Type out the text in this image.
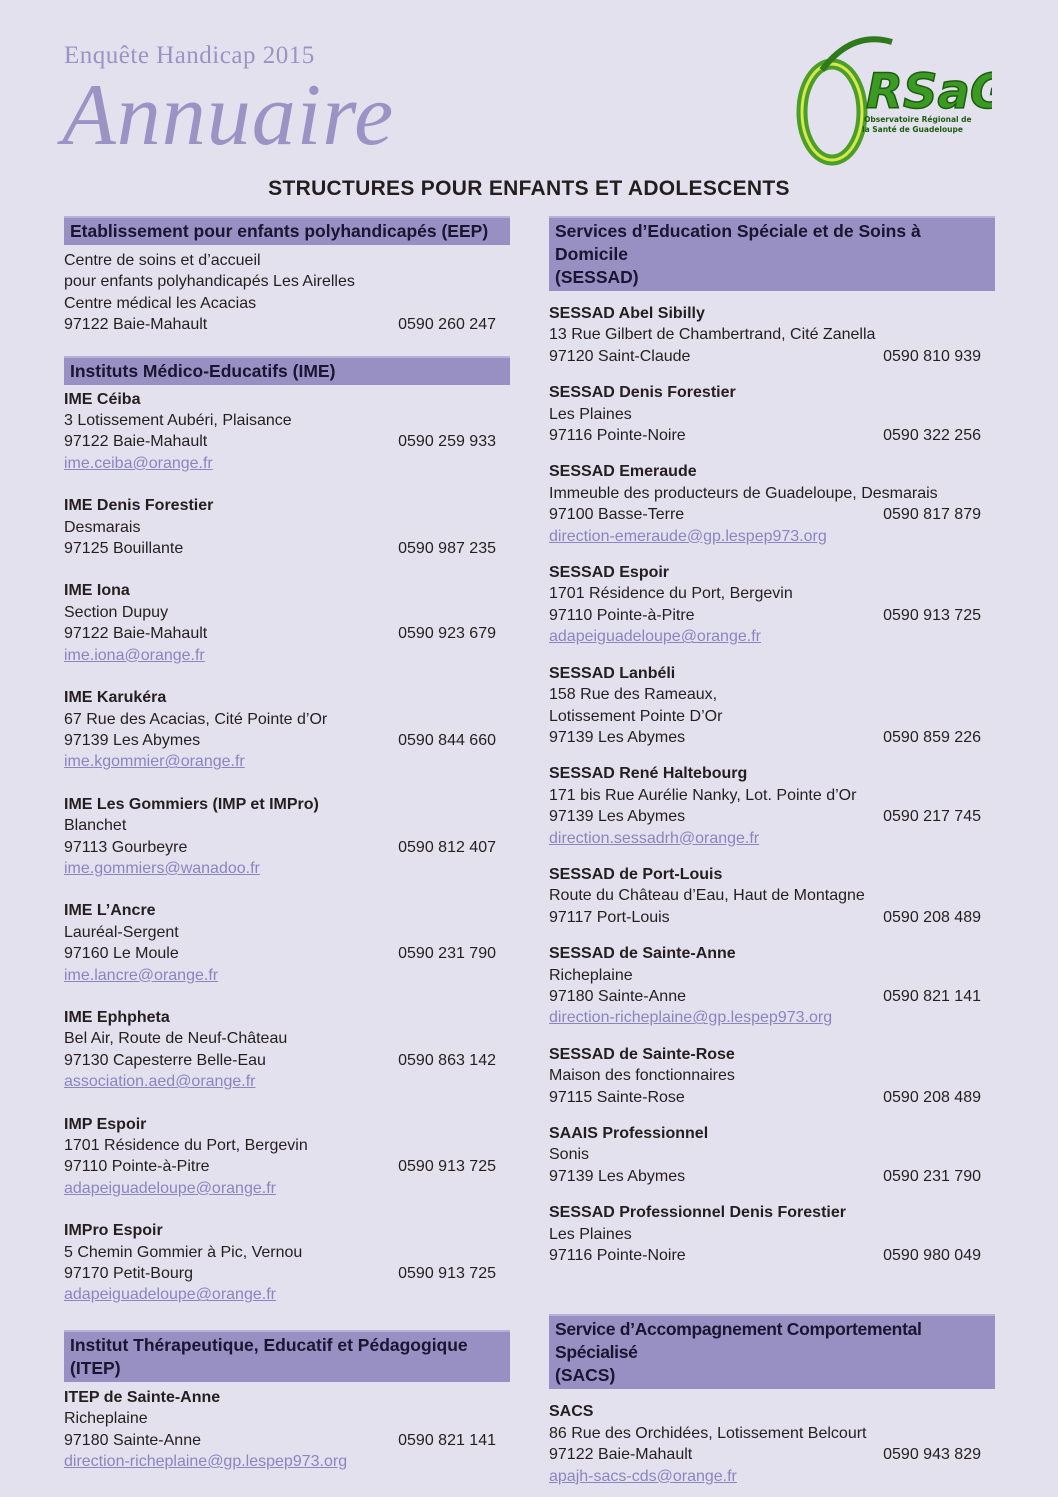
Enquête Handicap 2015
Annuaire	RSa
Observatoire Régional de
la Santé de Guadeloupe
STRUCTURES POUR ENFANTS ET ADOLESCENTS
Etablissement pour enfants polyhandicapés (EEP)
Centre de soins et d’accueil
pour enfants polyhandicapés Les Airelles
Centre médical les Acacias
97122 Baie-Mahault	0590 260 247
Instituts Médico-Educatifs (IME)
IME Céiba
3 Lotissement Aubéri, Plaisance
97122 Baie-Mahault	0590 259 933
ime.ceiba@orange.fr
IME Denis Forestier
Desmarais
97125 Bouillante	0590 987 235
IME Iona
Section Dupuy
97122 Baie-Mahault	0590 923 679
ime.iona@orange.fr
IME Karukéra
67 Rue des Acacias, Cité Pointe d’Or
97139 Les Abymes	0590 844 660
ime.kgommier@orange.fr
IME Les Gommiers (IMP et IMPro)
Blanchet
97113 Gourbeyre	0590 812 407
ime.gommiers@wanadoo.fr
IME L’Ancre
Lauréal-Sergent
97160 Le Moule	0590 231 790
ime.lancre@orange.fr
IME Ephpheta
Bel Air, Route de Neuf-Château
97130 Capesterre Belle-Eau	0590 863 142
association.aed@orange.fr
IMP Espoir
1701 Résidence du Port, Bergevin
97110 Pointe-à-Pitre	0590 913 725
adapeiguadeloupe@orange.fr
IMPro Espoir
5 Chemin Gommier à Pic, Vernou
97170 Petit-Bourg	0590 913 725
adapeiguadeloupe@orange.fr
Institut Thérapeutique, Educatif et Pédagogique (ITEP)
ITEP de Sainte-Anne
Richeplaine
97180 Sainte-Anne	0590 821 141
direction-richeplaine@gp.lespep973.org
Services d’Education Spéciale et de Soins à Domicile
(SESSAD)
SESSAD Abel Sibilly
13 Rue Gilbert de Chambertrand, Cité Zanella
97120 Saint-Claude	0590 810 939
SESSAD Denis Forestier
Les Plaines
97116 Pointe-Noire	0590 322 256
SESSAD Emeraude
Immeuble des producteurs de Guadeloupe, Desmarais
97100 Basse-Terre	0590 817 879
direction-emeraude@gp.lespep973.org
SESSAD Espoir
1701 Résidence du Port, Bergevin
97110 Pointe-à-Pitre	0590 913 725
adapeiguadeloupe@orange.fr
SESSAD Lanbéli
158 Rue des Rameaux,
Lotissement Pointe D’Or
97139 Les Abymes	0590 859 226
SESSAD René Haltebourg
171 bis Rue Aurélie Nanky, Lot. Pointe d’Or
97139 Les Abymes	0590 217 745
direction.sessadrh@orange.fr
SESSAD de Port-Louis
Route du Château d’Eau, Haut de Montagne
97117 Port-Louis	0590 208 489
SESSAD de Sainte-Anne
Richeplaine
97180 Sainte-Anne	0590 821 141
direction-richeplaine@gp.lespep973.org
SESSAD de Sainte-Rose
Maison des fonctionnaires
97115 Sainte-Rose	0590 208 489
SAAIS Professionnel
Sonis
97139 Les Abymes	0590 231 790
SESSAD Professionnel Denis Forestier
Les Plaines
97116 Pointe-Noire	0590 980 049
Service d’Accompagnement Comportemental Spécialisé
(SACS)
SACS
86 Rue des Orchidées, Lotissement Belcourt
97122 Baie-Mahault	0590 943 829
apajh-sacs-cds@orange.fr
